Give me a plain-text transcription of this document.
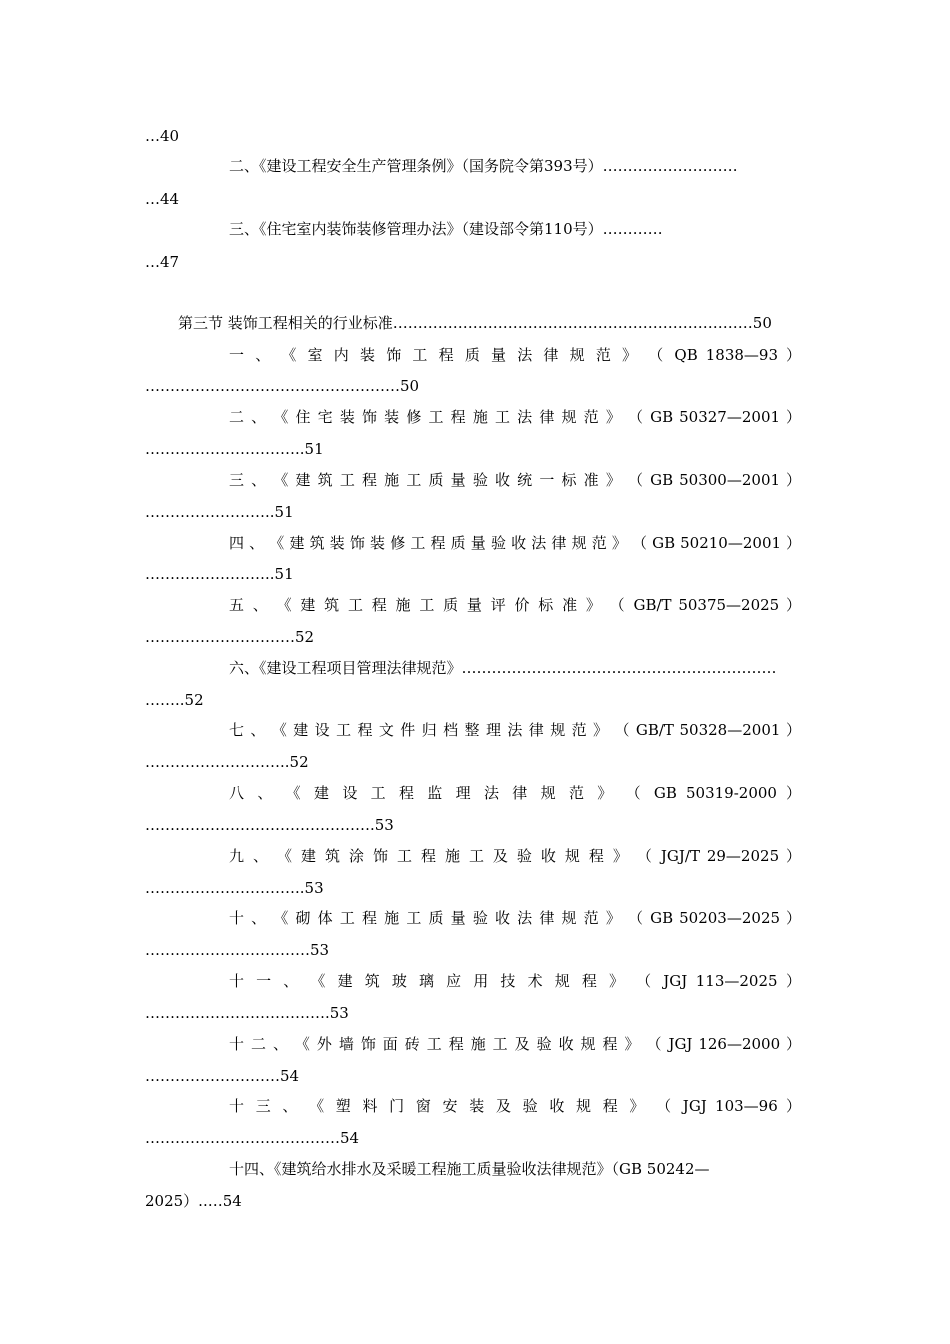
…40
二、《建设工程安全生产管理条例》（国务院令第393号）………………………
…44
三、《住宅室内装饰装修管理办法》（建设部令第110号）…………
…47
第三节 装饰工程相关的行业标准………………………………………………………………50
一 、 《 室 内 装 饰 工 程 质 量 法 律 规 范 》 （ QB 1838—93 ）
……………………………………………50
二 、 《 住 宅 装 饰 装 修 工 程 施 工 法 律 规 范 》 （ GB 50327—2001 ）
…………………………..51
三 、 《 建 筑 工 程 施 工 质 量 验 收 统 一 标 准 》 （ GB 50300—2001 ）
……………………..51
四 、 《 建 筑 装 饰 装 修 工 程 质 量 验 收 法 律 规 范 》 （ GB 50210—2001 ）
……………………..51
五 、 《 建 筑 工 程 施 工 质 量 评 价 标 准 》 （ GB/T 50375—2025 ）
…………………………52
六、《建设工程项目管理法律规范》………………………………………………………
……..52
七 、 《 建 设 工 程 文 件 归 档 整 理 法 律 规 范 》 （ GB/T 50328—2001 ）
………………………..52
八 、 《 建 设 工 程 监 理 法 律 规 范 》 （ GB 50319-2000 ）
……………………………………….53
九 、 《 建 筑 涂 饰 工 程 施 工 及 验 收 规 程 》 （ JGJ/T 29—2025 ）
…………………………..53
十 、 《 砌 体 工 程 施 工 质 量 验 收 法 律 规 范 》 （ GB 50203—2025 ）
……………………………53
十 一 、 《 建 筑 玻 璃 应 用 技 术 规 程 》 （ JGJ 113—2025 ）
……………………………….53
十 二 、 《 外 墙 饰 面 砖 工 程 施 工 及 验 收 规 程 》 （ JGJ 126—2000 ）
………………………54
十 三 、 《 塑 料 门 窗 安 装 及 验 收 规 程 》 （ JGJ 103—96 ）
…………………………………54
十四、《建筑给水排水及采暖工程施工质量验收法律规范》（GB 50242—
2025）..…54
